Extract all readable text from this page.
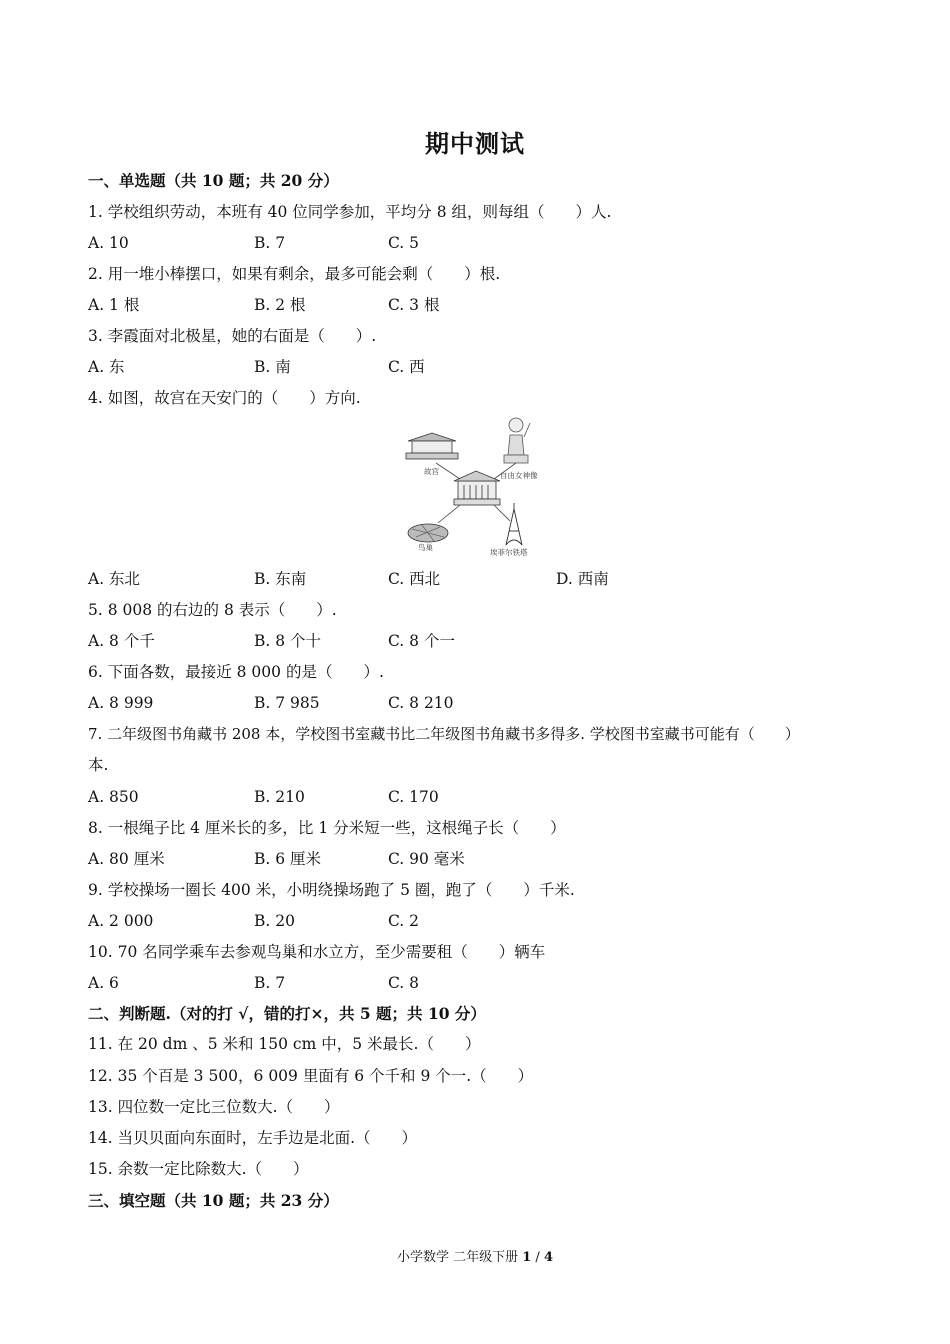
期中测试
一、单选题（共 10 题；共 20 分）
1. 学校组织劳动，本班有 40 位同学参加，平均分 8 组，则每组（　　）人.
A. 10	B. 7	C. 5
2. 用一堆小棒摆口，如果有剩余，最多可能会剩（　　）根.
A. 1 根	B. 2 根	C. 3 根
3. 李霞面对北极星，她的右面是（　　）.
A. 东	B. 南	C. 西
4. 如图，故宫在天安门的（　　）方向.
故宫	自由女神像
鸟巢
埃菲尔铁塔
A. 东北	B. 东南	C. 西北	D. 西南
5. 8 008 的右边的 8 表示（　　）.
A. 8 个千	B. 8 个十	C. 8 个一
6. 下面各数，最接近 8 000 的是（　　）.
A. 8 999	B. 7 985	C. 8 210
7. 二年级图书角藏书 208 本，学校图书室藏书比二年级图书角藏书多得多. 学校图书室藏书可能有（　　）
本.
A. 850	B. 210	C. 170
8. 一根绳子比 4 厘米长的多，比 1 分米短一些，这根绳子长（　　）
A. 80 厘米	B. 6 厘米	C. 90 毫米
9. 学校操场一圈长 400 米，小明绕操场跑了 5 圈，跑了（　　）千米.
A. 2 000	B. 20	C. 2
10. 70 名同学乘车去参观鸟巢和水立方，至少需要租（　　）辆车
A. 6	B. 7	C. 8
二、判断题.（对的打 √，错的打×，共 5 题；共 10 分）
11. 在 20 dm 、5 米和 150 cm 中，5 米最长.（　　）
12. 35 个百是 3 500，6 009 里面有 6 个千和 9 个一.（　　）
13. 四位数一定比三位数大.（　　）
14. 当贝贝面向东面时，左手边是北面.（　　）
15. 余数一定比除数大.（　　）
三、填空题（共 10 题；共 23 分）
小学数学 二年级下册 1 / 4
